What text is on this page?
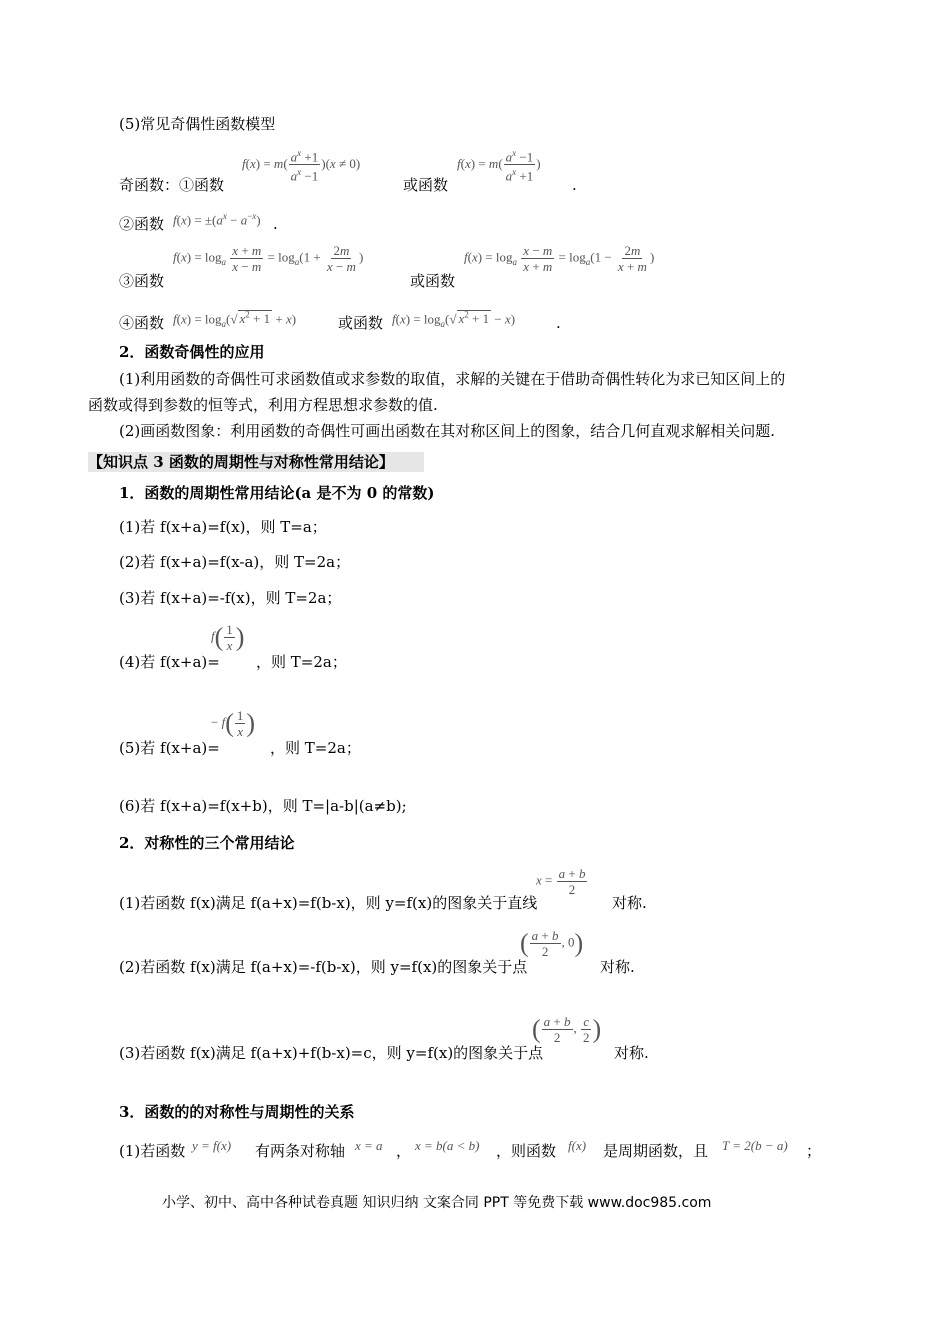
(5)常见奇偶性函数模型
奇函数：①函数
$f(x) = m( \frac{a^x +1}{a^x -1} )(x \ne 0)$
或函数
$f(x) = m( \frac{a^x -1}{a^x +1}$ )
.
②函数 $f(x) = \pm(a^x - a^{-x})$ .
③函数
$f(x) = \log_a \frac{x + m}{x - m} = \log_a(1 + \frac{2m}{x - m}$ )
或函数
$f(x) = \log_a \frac{x - m}{x + m} = \log_a(1 - \frac{2m}{x + m}$ )
④函数 $f(x) = \log_a(√$ $x^2 + 1 + x$)	或函数 $f(x) = \log_a(√$ $x^2 + 1 - x$)	.
2．函数奇偶性的应用
(1)利用函数的奇偶性可求函数值或求参数的取值，求解的关键在于借助奇偶性转化为求已知区间上的
函数或得到参数的恒等式，利用方程思想求参数的值.
(2)画函数图象：利用函数的奇偶性可画出函数在其对称区间上的图象，结合几何直观求解相关问题.
【知识点 3 函数的周期性与对称性常用结论】
1．函数的周期性常用结论(a 是不为 0 的常数)
(1)若 f(x+a)=f(x)，则 T=a；
(2)若 f(x+a)=f(x-a)，则 T=2a；
(3)若 f(x+a)=-f(x)，则 T=2a；
(4)若 f(x+a)=
$f( \frac{1}{x}$ )
，则 T=2a；
(5)若 f(x+a)=
− $f( \frac{1}{x}$ )
，则 T=2a；
(6)若 f(x+a)=f(x+b)，则 T=|a-b|(a≠b);
2．对称性的三个常用结论
(1)若函数 f(x)满足 f(a+x)=f(b-x)，则 y=f(x)的图象关于直线
$x = \frac{a + b}{2}$
对称.
(2)若函数 f(x)满足 f(a+x)=-f(b-x)，则 y=f(x)的图象关于点
( $\frac{a + b}{2}$ , 0)
对称.
(3)若函数 f(x)满足 f(a+x)+f(b-x)=c，则 y=f(x)的图象关于点
( $\frac{a + b}{2}$ , $\frac{c}{2}$ )
对称.
3．函数的的对称性与周期性的关系
(1)若函数 y = f(x) 有两条对称轴 x = a ， x = b(a < b) ，则函数 f(x) 是周期函数，且 T = 2(b − a) ；
小学、初中、高中各种试卷真题 知识归纳 文案合同 PPT 等免费下载 www.doc985.com
